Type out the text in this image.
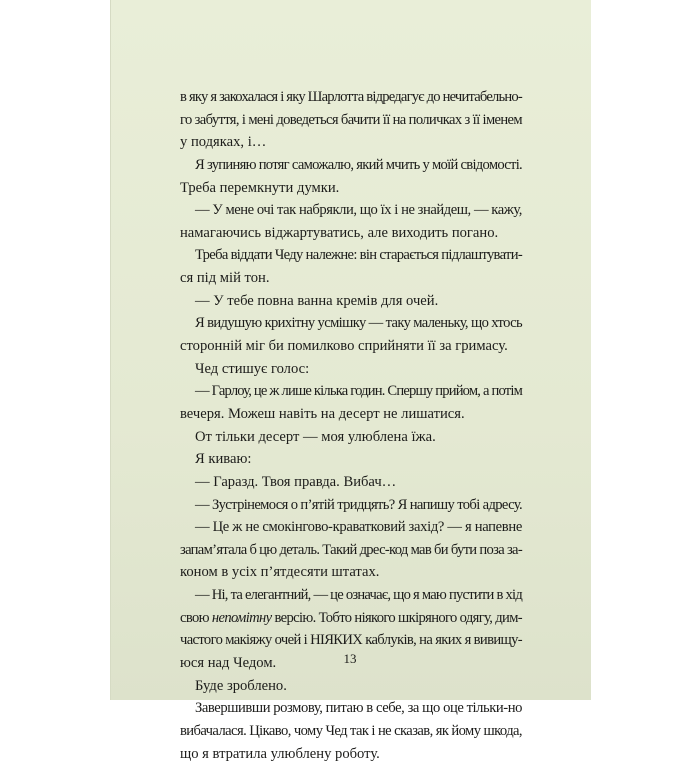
в яку я закохалася і яку Шарлотта відредагує до нечитабельно-
го забуття, і мені доведеться бачити її на поличках з її іменем
у подяках, і…
Я зупиняю потяг саможалю, який мчить у моїй свідомості.
Треба перемкнути думки.
— У мене очі так набрякли, що їх і не знайдеш, — кажу,
намагаючись віджартуватись, але виходить погано.
Треба віддати Чеду належне: він старається підлаштувати-
ся під мій тон.
— У тебе повна ванна кремів для очей.
Я видушую крихітну усмішку — таку маленьку, що хтось
сторонній міг би помилково сприйняти її за гримасу.
Чед стишує голос:
— Гарлоу, це ж лише кілька годин. Спершу прийом, а потім
вечеря. Можеш навіть на десерт не лишатися.
От тільки десерт — моя улюблена їжа.
Я киваю:
— Гаразд. Твоя правда. Вибач…
— Зустрінемося о п’ятій тридцять? Я напишу тобі адресу.
— Це ж не смокінгово-краватковий захід? — я напевне
запам’ятала б цю деталь. Такий дрес-код мав би бути поза за-
коном в усіх п’ятдесяти штатах.
— Ні, та елегантний, — це означає, що я маю пустити в хід
свою непомітну версію. Тобто ніякого шкіряного одягу, дим-
частого макіяжу очей і НІЯКИХ каблуків, на яких я вивищу-
юся над Чедом.
Буде зроблено.
Завершивши розмову, питаю в себе, за що оце тільки-но
вибачалася. Цікаво, чому Чед так і не сказав, як йому шкода,
що я втратила улюблену роботу.
13
